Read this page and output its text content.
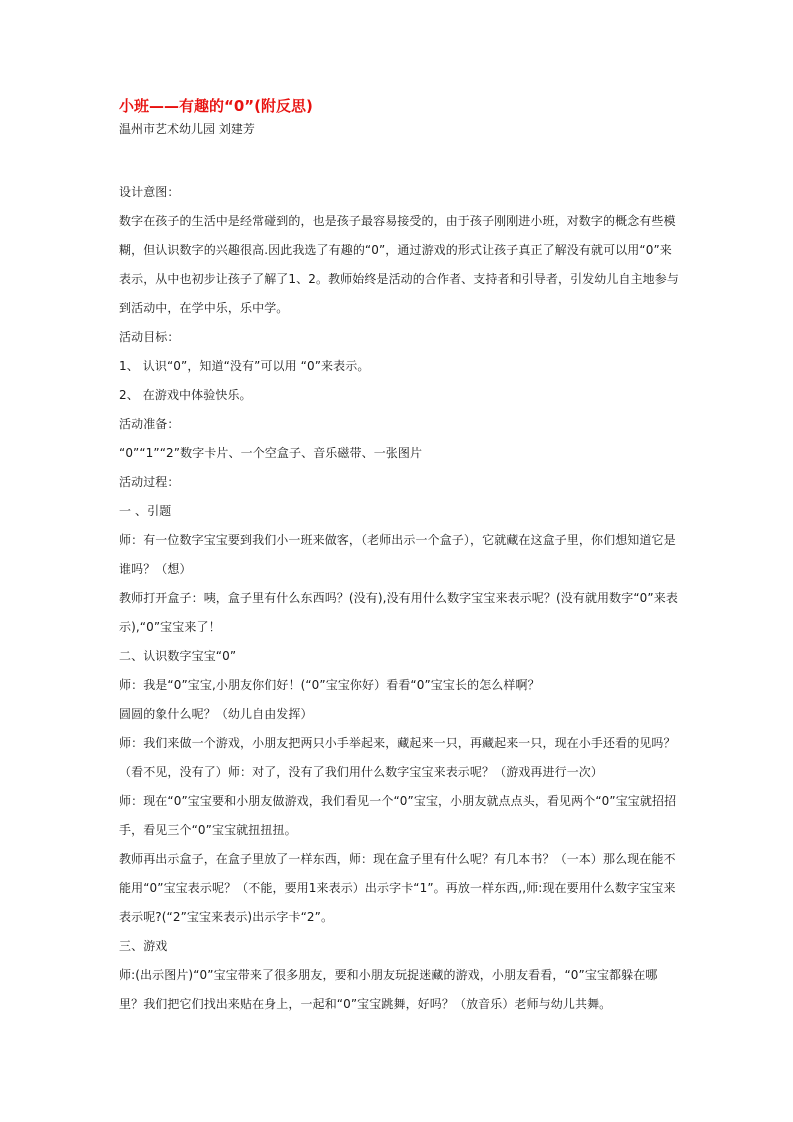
小班——有趣的“0”(附反思)
温州市艺术幼儿园 刘建芳

设计意图：

数字在孩子的生活中是经常碰到的，也是孩子最容易接受的，由于孩子刚刚进小班，对数字的概念有些模糊，但认识数字的兴趣很高.因此我选了有趣的“0”，通过游戏的形式让孩子真正了解没有就可以用“0”来表示，从中也初步让孩子了解了1、2。教师始终是活动的合作者、支持者和引导者，引发幼儿自主地参与到活动中，在学中乐，乐中学。

活动目标：

1、 认识“0”，知道“没有”可以用 “0”来表示。

2、 在游戏中体验快乐。

活动准备：

“0”“1”“2”数字卡片、一个空盒子、音乐磁带、一张图片

活动过程：

一 、引题

师：有一位数字宝宝要到我们小一班来做客，（老师出示一个盒子），它就藏在这盒子里，你们想知道它是谁吗？（想）

教师打开盒子：咦，盒子里有什么东西吗？(没有),没有用什么数字宝宝来表示呢？(没有就用数字“0”来表示),“0”宝宝来了！

二、认识数字宝宝“0”

师：我是“0”宝宝,小朋友你们好！(“0”宝宝你好）看看“0”宝宝长的怎么样啊？

圆圆的象什么呢？（幼儿自由发挥）

师：我们来做一个游戏，小朋友把两只小手举起来，藏起来一只，再藏起来一只，现在小手还看的见吗？（看不见，没有了）师：对了，没有了我们用什么数字宝宝来表示呢？（游戏再进行一次）

师：现在“0”宝宝要和小朋友做游戏，我们看见一个“0”宝宝，小朋友就点点头，看见两个“0”宝宝就招招手，看见三个“0”宝宝就扭扭扭。

教师再出示盒子，在盒子里放了一样东西，师：现在盒子里有什么呢？有几本书？（一本）那么现在能不能用“0”宝宝表示呢？（不能，要用1来表示）出示字卡“1”。再放一样东西,,师:现在要用什么数字宝宝来表示呢?(“2”宝宝来表示)出示字卡“2”。

三、游戏

师:(出示图片)“0”宝宝带来了很多朋友，要和小朋友玩捉迷藏的游戏，小朋友看看，“0”宝宝都躲在哪里？我们把它们找出来贴在身上，一起和“0”宝宝跳舞，好吗？（放音乐）老师与幼儿共舞。
